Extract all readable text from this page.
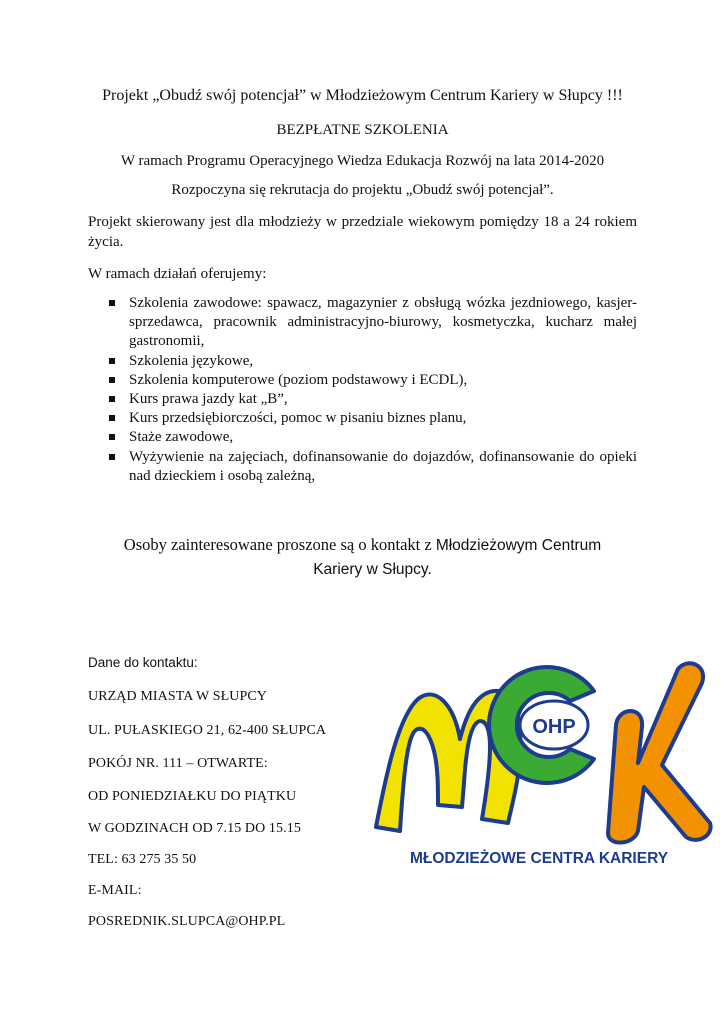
Projekt „Obudź swój potencjał” w Młodzieżowym Centrum Kariery w Słupcy !!!
BEZPŁATNE SZKOLENIA
W ramach Programu Operacyjnego Wiedza Edukacja Rozwój na lata 2014-2020
Rozpoczyna się rekrutacja do projektu „Obudź swój potencjał”.
Projekt skierowany jest dla młodzieży w przedziale wiekowym pomiędzy 18 a 24 rokiem życia.
W ramach działań oferujemy:
Szkolenia zawodowe: spawacz, magazynier z obsługą wózka jezdniowego, kasjer-sprzedawca, pracownik administracyjno-biurowy, kosmetyczka, kucharz małej gastronomii,
Szkolenia językowe,
Szkolenia komputerowe (poziom podstawowy i ECDL),
Kurs prawa jazdy kat „B”,
Kurs przedsiębiorczości, pomoc w pisaniu biznes planu,
Staże zawodowe,
Wyżywienie na zajęciach, dofinansowanie do dojazdów, dofinansowanie do opieki nad dzieckiem i osobą zależną,
Osoby zainteresowane proszone są o kontakt z Młodzieżowym Centrum
Kariery w Słupcy.
Dane do kontaktu:
URZĄD MIASTA W SŁUPCY
UL. PUŁASKIEGO 21, 62-400 SŁUPCA
POKÓJ NR. 111 – OTWARTE:
OD PONIEDZIAŁKU DO PIĄTKU
W GODZINACH OD 7.15 DO 15.15
TEL: 63 275 35 50
E-MAIL:
POSREDNIK.SLUPCA@OHP.PL
OHP
MŁODZIEŻOWE CENTRA KARIERY
